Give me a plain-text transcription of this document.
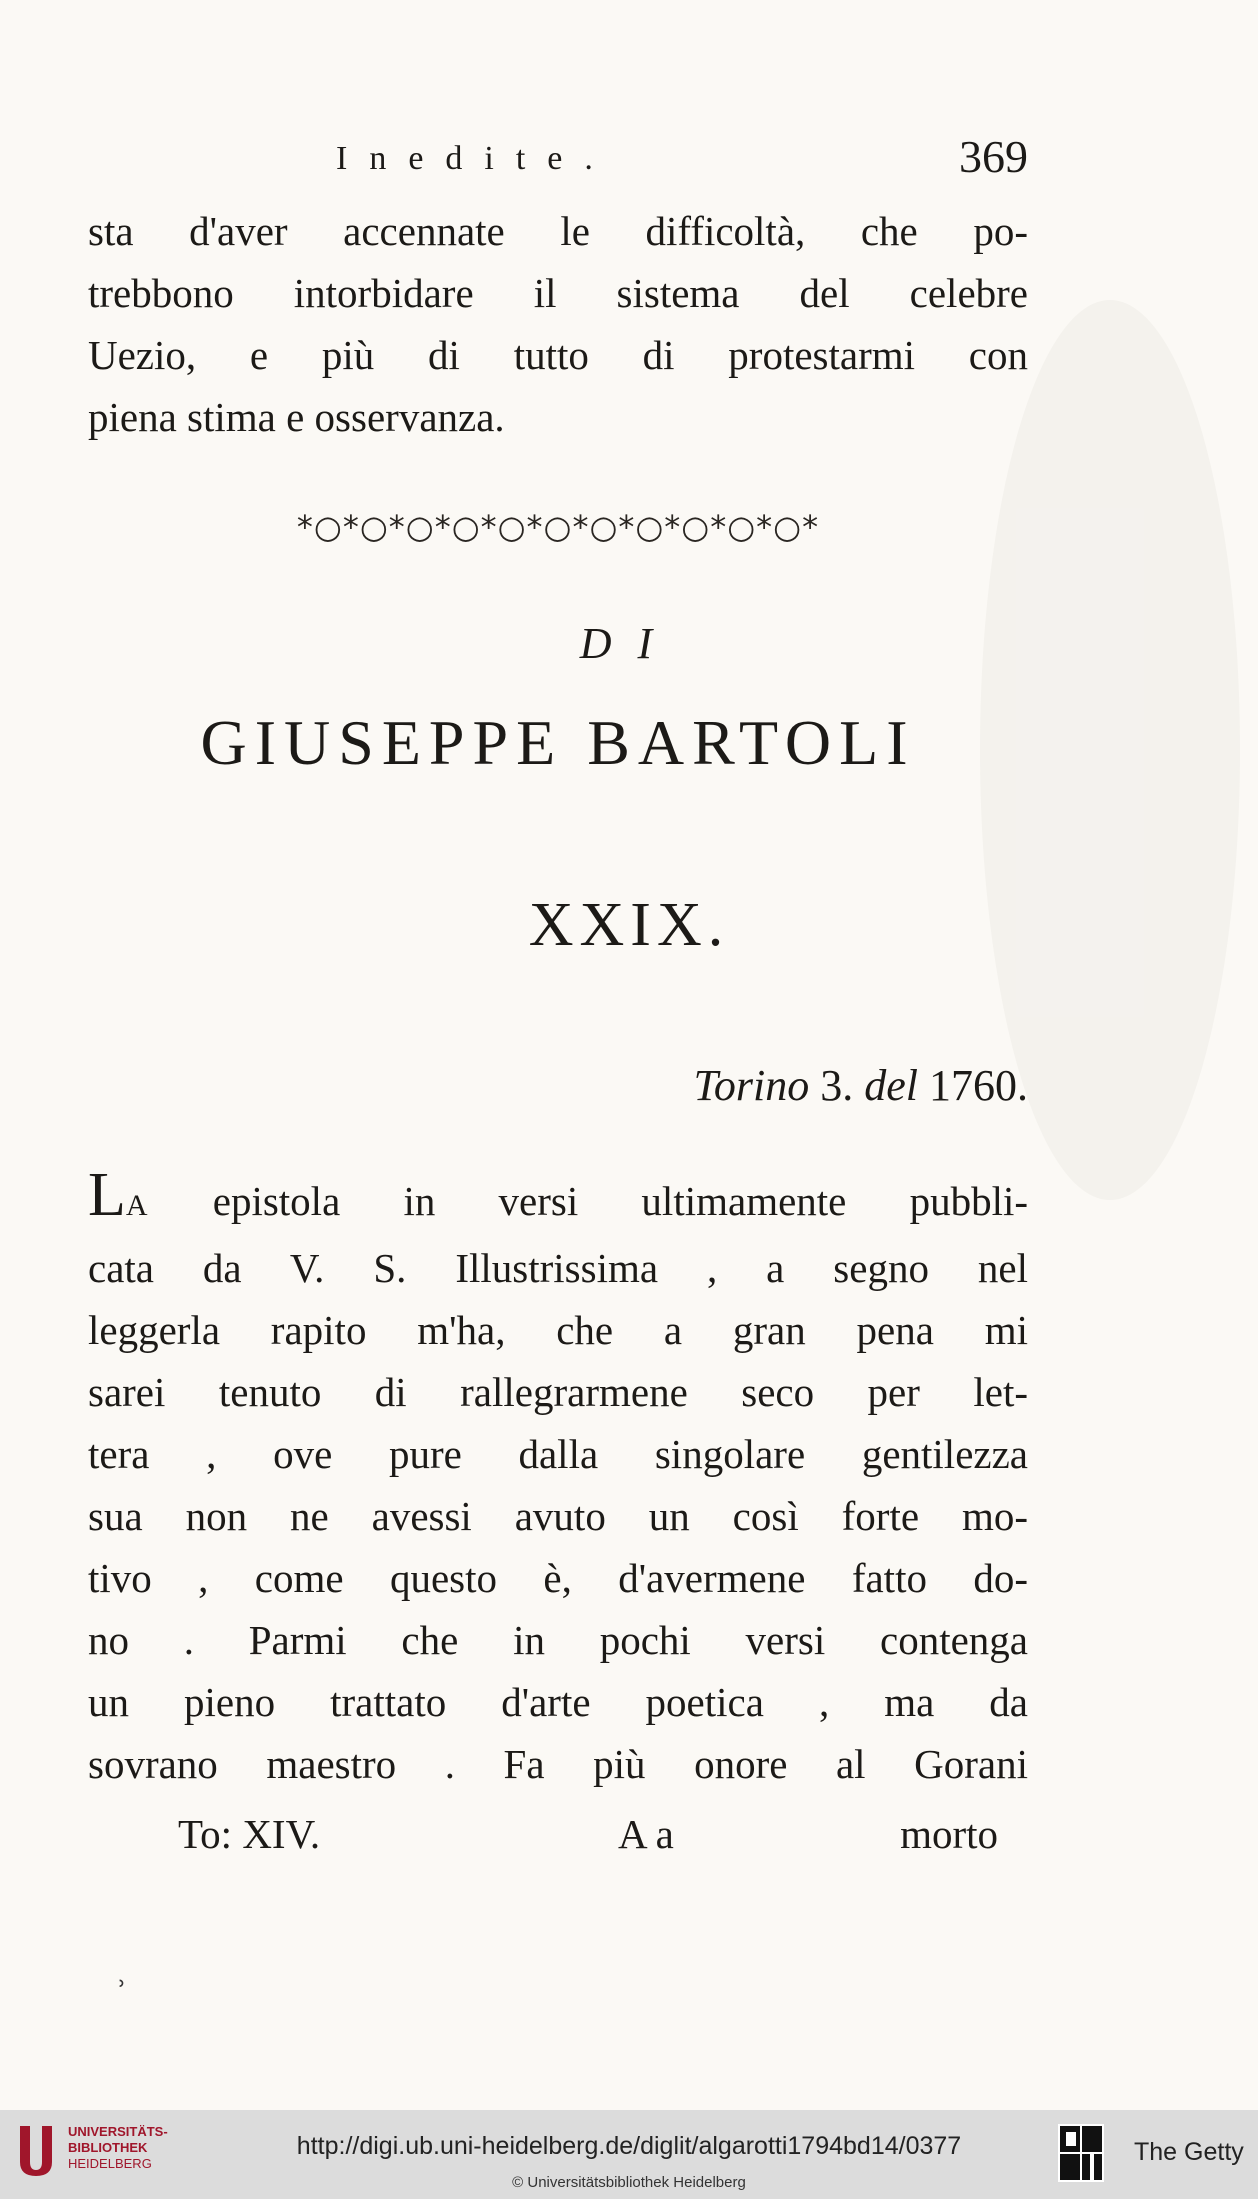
Inedite.	369

sta d'aver accennate le difficoltà, che po-
trebbono intorbidare il sistema del celebre
Uezio, e più di tutto di protestarmi con
piena stima e osservanza.

*○*○*○*○*○*○*○*○*○*○*○*
DI
GIUSEPPE BARTOLI
XXIX.
Torino 3. del 1760.

LA epistola in versi ultimamente pubbli-
cata da V. S. Illustrissima , a segno nel
leggerla rapito m'ha, che a gran pena mi
sarei tenuto di rallegrarmene seco per let-
tera , ove pure dalla singolare gentilezza
sua non ne avessi avuto un così forte mo-
tivo , come questo è, d'avermene fatto do-
no . Parmi che in pochi versi contenga
un pieno trattato d'arte poetica , ma da
sovrano maestro . Fa più onore al Gorani

To: XIV.	A a	morto
˒
UNIVERSITÄTS-
BIBLIOTHEK
HEIDELBERG
http://digi.ub.uni-heidelberg.de/diglit/algarotti1794bd14/0377
© Universitätsbibliothek Heidelberg
The Getty
